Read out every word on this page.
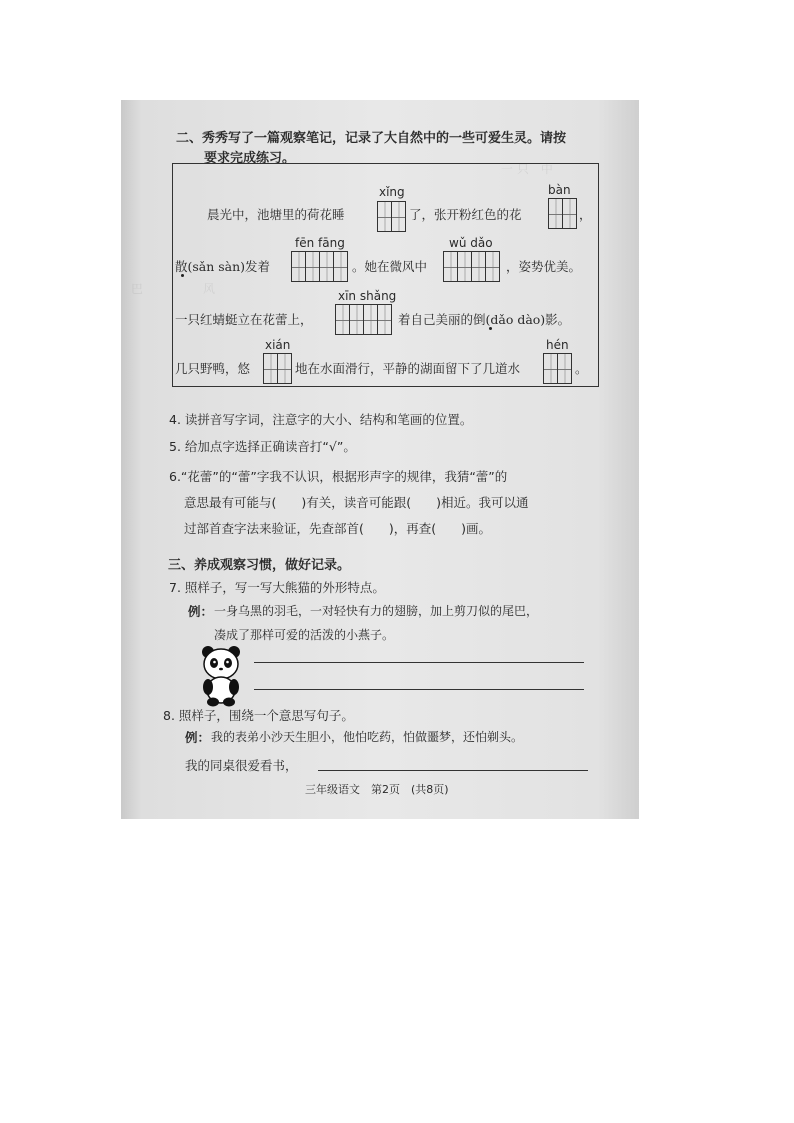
一 只　中
巴　　　　　风

二、秀秀写了一篇观察笔记，记录了大自然中的一些可爱生灵。请按
要求完成练习。
晨光中，池塘里的荷花睡
xǐng
了，张开粉红色的花
bàn
，
散(sǎn sàn)发着
fēn fāng
。她在微风中
wǔ dǎo
，姿势优美。
一只红蜻蜓立在花蕾上，
xīn shǎng
着自己美丽的倒(dǎo dào)影。
几只野鸭，悠
xián
地在水面滑行，平静的湖面留下了几道水
hén
。
4. 读拼音写字词，注意字的大小、结构和笔画的位置。
5. 给加点字选择正确读音打“√”。
6.“花蕾”的“蕾”字我不认识，根据形声字的规律，我猜“蕾”的
意思最有可能与(　　)有关，读音可能跟(　　)相近。我可以通
过部首查字法来验证，先查部首(　　)，再查(　　)画。
三、养成观察习惯，做好记录。
7. 照样子，写一写大熊猫的外形特点。
例： 一身乌黑的羽毛，一对轻快有力的翅膀，加上剪刀似的尾巴，
凑成了那样可爱的活泼的小燕子。
8. 照样子，围绕一个意思写句子。
例： 我的表弟小沙天生胆小，他怕吃药，怕做噩梦，还怕剃头。
我的同桌很爱看书，
三年级语文　第2页　(共8页)
